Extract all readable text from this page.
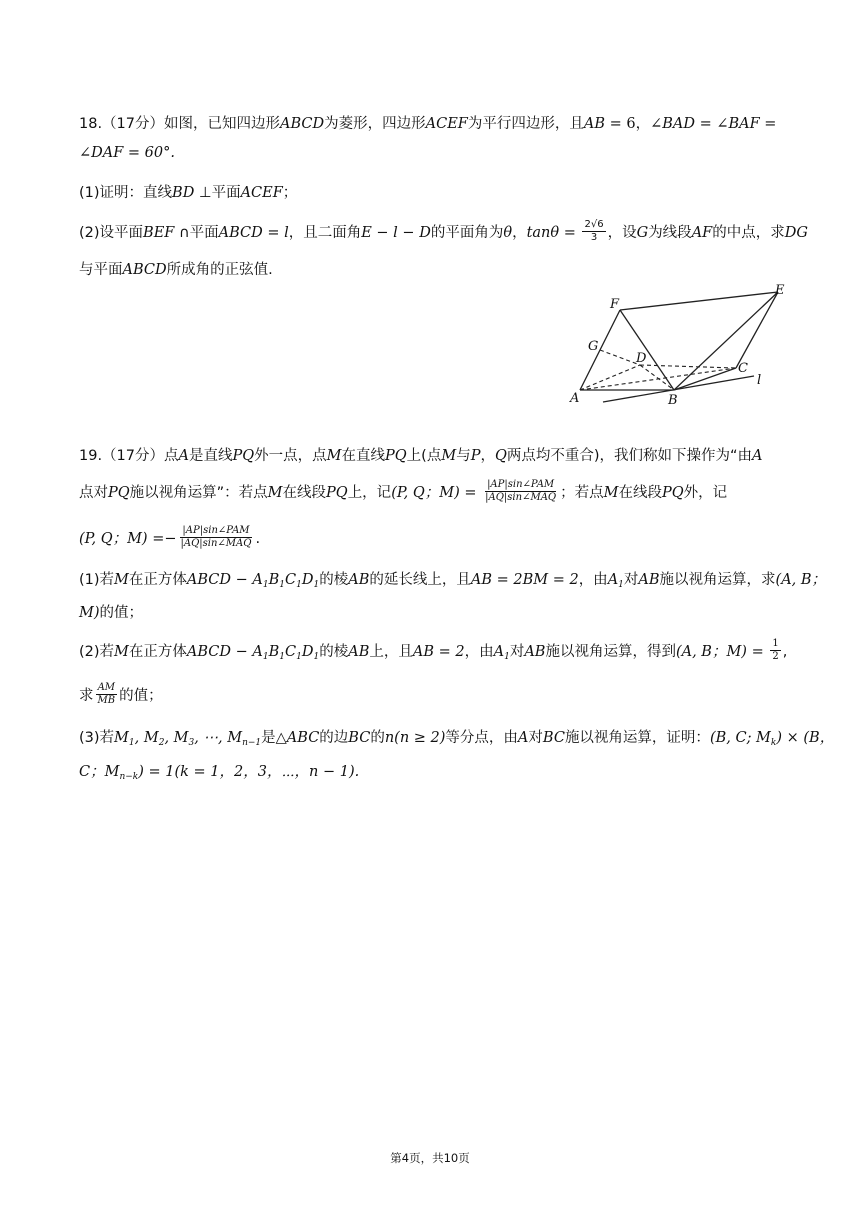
18.（17分）如图，已知四边形ABCD为菱形，四边形ACEF为平行四边形，且AB = 6，∠BAD = ∠BAF =
∠DAF = 60°.
(1)证明：直线BD ⊥平面ACEF；
(2)设平面BEF ∩平面ABCD = l，且二面角E − l − D的平面角为θ，$\tan\theta = \frac{2√6}{3}$ ，设G为线段AF的中点，求DG
与平面ABCD所成角的正弦值.
F
E
G
D
C
A	B
l
19.（17分）点A是直线PQ外一点，点M在直线PQ上(点M与P，Q两点均不重合)，我们称如下操作为“由A
点对PQ施以视角运算”：若点M在线段PQ上，记(P, Q；$M) = \frac{\text{|AP|sin∠PAM}}{\text{|AQ|sin∠MAQ}}$ ；若点M在线段PQ外，记
(P, Q；$M) =- \frac{\text{|AP|sin∠PAM}}{\text{|AQ|sin∠MAQ}}$ .
(1)若M在正方体ABCD − $A_1B_1C_1D_1$的棱AB的延长线上，且AB = 2BM = 2，由$A_1$对AB施以视角运算，求(A, B；
M)的值；
(2)若M在正方体ABCD − $A_1B_1C_1D_1$的棱AB上，且AB = 2，由$A_1$对AB施以视角运算，得到(A, B；$M) = \frac{1}{2}$ ,
求 $\frac{AM}{MB}$ 的值；
(3)若$M_1$, $M_2$, $M_3$, ⋯, $M_{n-1}$是△ABC的边BC的n(n ≥ 2)等分点，由A对BC施以视角运算，证明：(B, C; $M_k) \times (B$，
C；$M_{n-k}) = 1(k = 1$，2，3，⋯，n − 1).
第4页，共10页
